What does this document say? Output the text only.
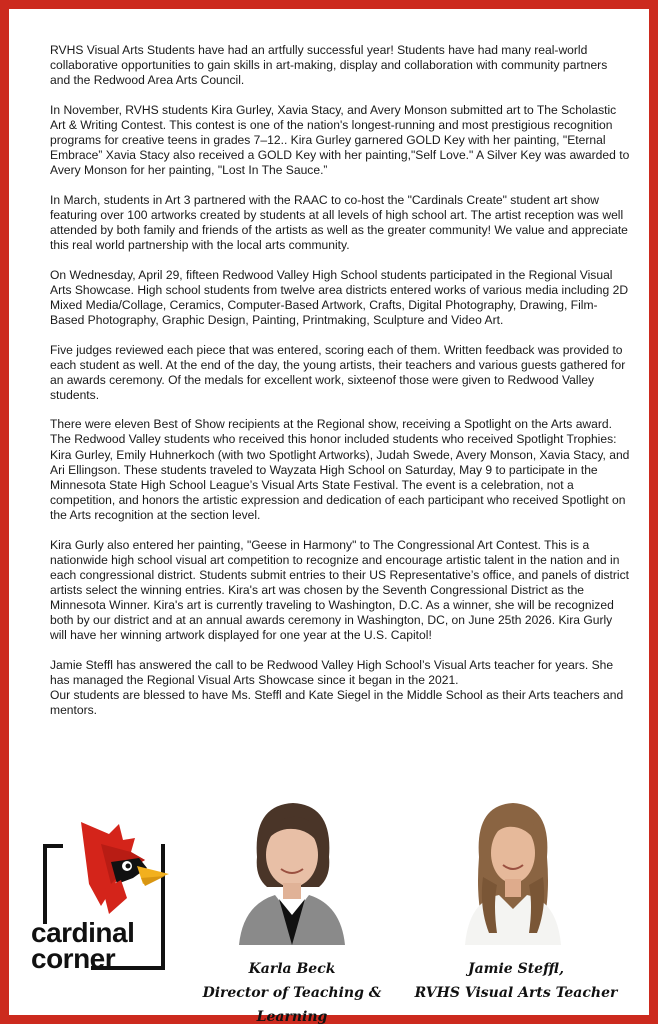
RVHS Visual Arts Students have had an artfully successful year! Students have had many real-world collaborative opportunities to gain skills in art-making, display and collaboration with community partners and the Redwood Area Arts Council.

In November, RVHS students Kira Gurley, Xavia Stacy, and Avery Monson submitted art to The Scholastic Art & Writing Contest. This contest is one of the nation's longest-running and most prestigious recognition programs for creative teens in grades 7–12.. Kira Gurley garnered GOLD Key with her painting, "Eternal Embrace” Xavia Stacy also received a GOLD Key with her painting,"Self Love." A Silver Key was awarded to Avery Monson for her painting, "Lost In The Sauce.”

In March, students in Art 3 partnered with the RAAC to co-host the "Cardinals Create" student art show featuring over 100 artworks created by students at all levels of high school art. The artist reception was well attended by both family and friends of the artists as well as the greater community! We value and appreciate this real world partnership with the local arts community.

On Wednesday, April 29, fifteen Redwood Valley High School students participated in the Regional Visual Arts Showcase. High school students from twelve area districts entered works of various media including 2D Mixed Media/Collage, Ceramics, Computer-Based Artwork, Crafts, Digital Photography, Drawing, Film-Based Photography, Graphic Design, Painting, Printmaking, Sculpture and Video Art.

Five judges reviewed each piece that was entered, scoring each of them. Written feedback was provided to each student as well. At the end of the day, the young artists, their teachers and various guests gathered for an awards ceremony. Of the medals for excellent work, sixteenof those were given to Redwood Valley students.

There were eleven Best of Show recipients at the Regional show, receiving a Spotlight on the Arts award. The Redwood Valley students who received this honor included students who received Spotlight Trophies: Kira Gurley, Emily Huhnerkoch (with two Spotlight Artworks), Judah Swede, Avery Monson, Xavia Stacy, and Ari Ellingson. These students traveled to Wayzata High School on Saturday, May 9 to participate in the Minnesota State High School League’s Visual Arts State Festival. The event is a celebration, not a competition, and honors the artistic expression and dedication of each participant who received Spotlight on the Arts recognition at the section level.

Kira Gurly also entered her painting, "Geese in Harmony" to The Congressional Art Contest. This is a nationwide high school visual art competition to recognize and encourage artistic talent in the nation and in each congressional district. Students submit entries to their US Representative’s office, and panels of district artists select the winning entries. Kira's art was chosen by the Seventh Congressional District as the Minnesota Winner. Kira's art is currently traveling to Washington, D.C. As a winner, she will be recognized both by our district and at an annual awards ceremony in Washington, DC, on June 25th 2026. Kira Gurly will have her winning artwork displayed for one year at the U.S. Capitol!

Jamie Steffl has answered the call to be Redwood Valley High School’s Visual Arts teacher for years. She has managed the Regional Visual Arts Showcase since it began in the 2021.
Our students are blessed to have Ms. Steffl and Kate Siegel in the Middle School as their Arts teachers and mentors.

cardinal
corner	Karla Beck
Director of Teaching & Learning
Jamie Steffl,
RVHS Visual Arts Teacher
